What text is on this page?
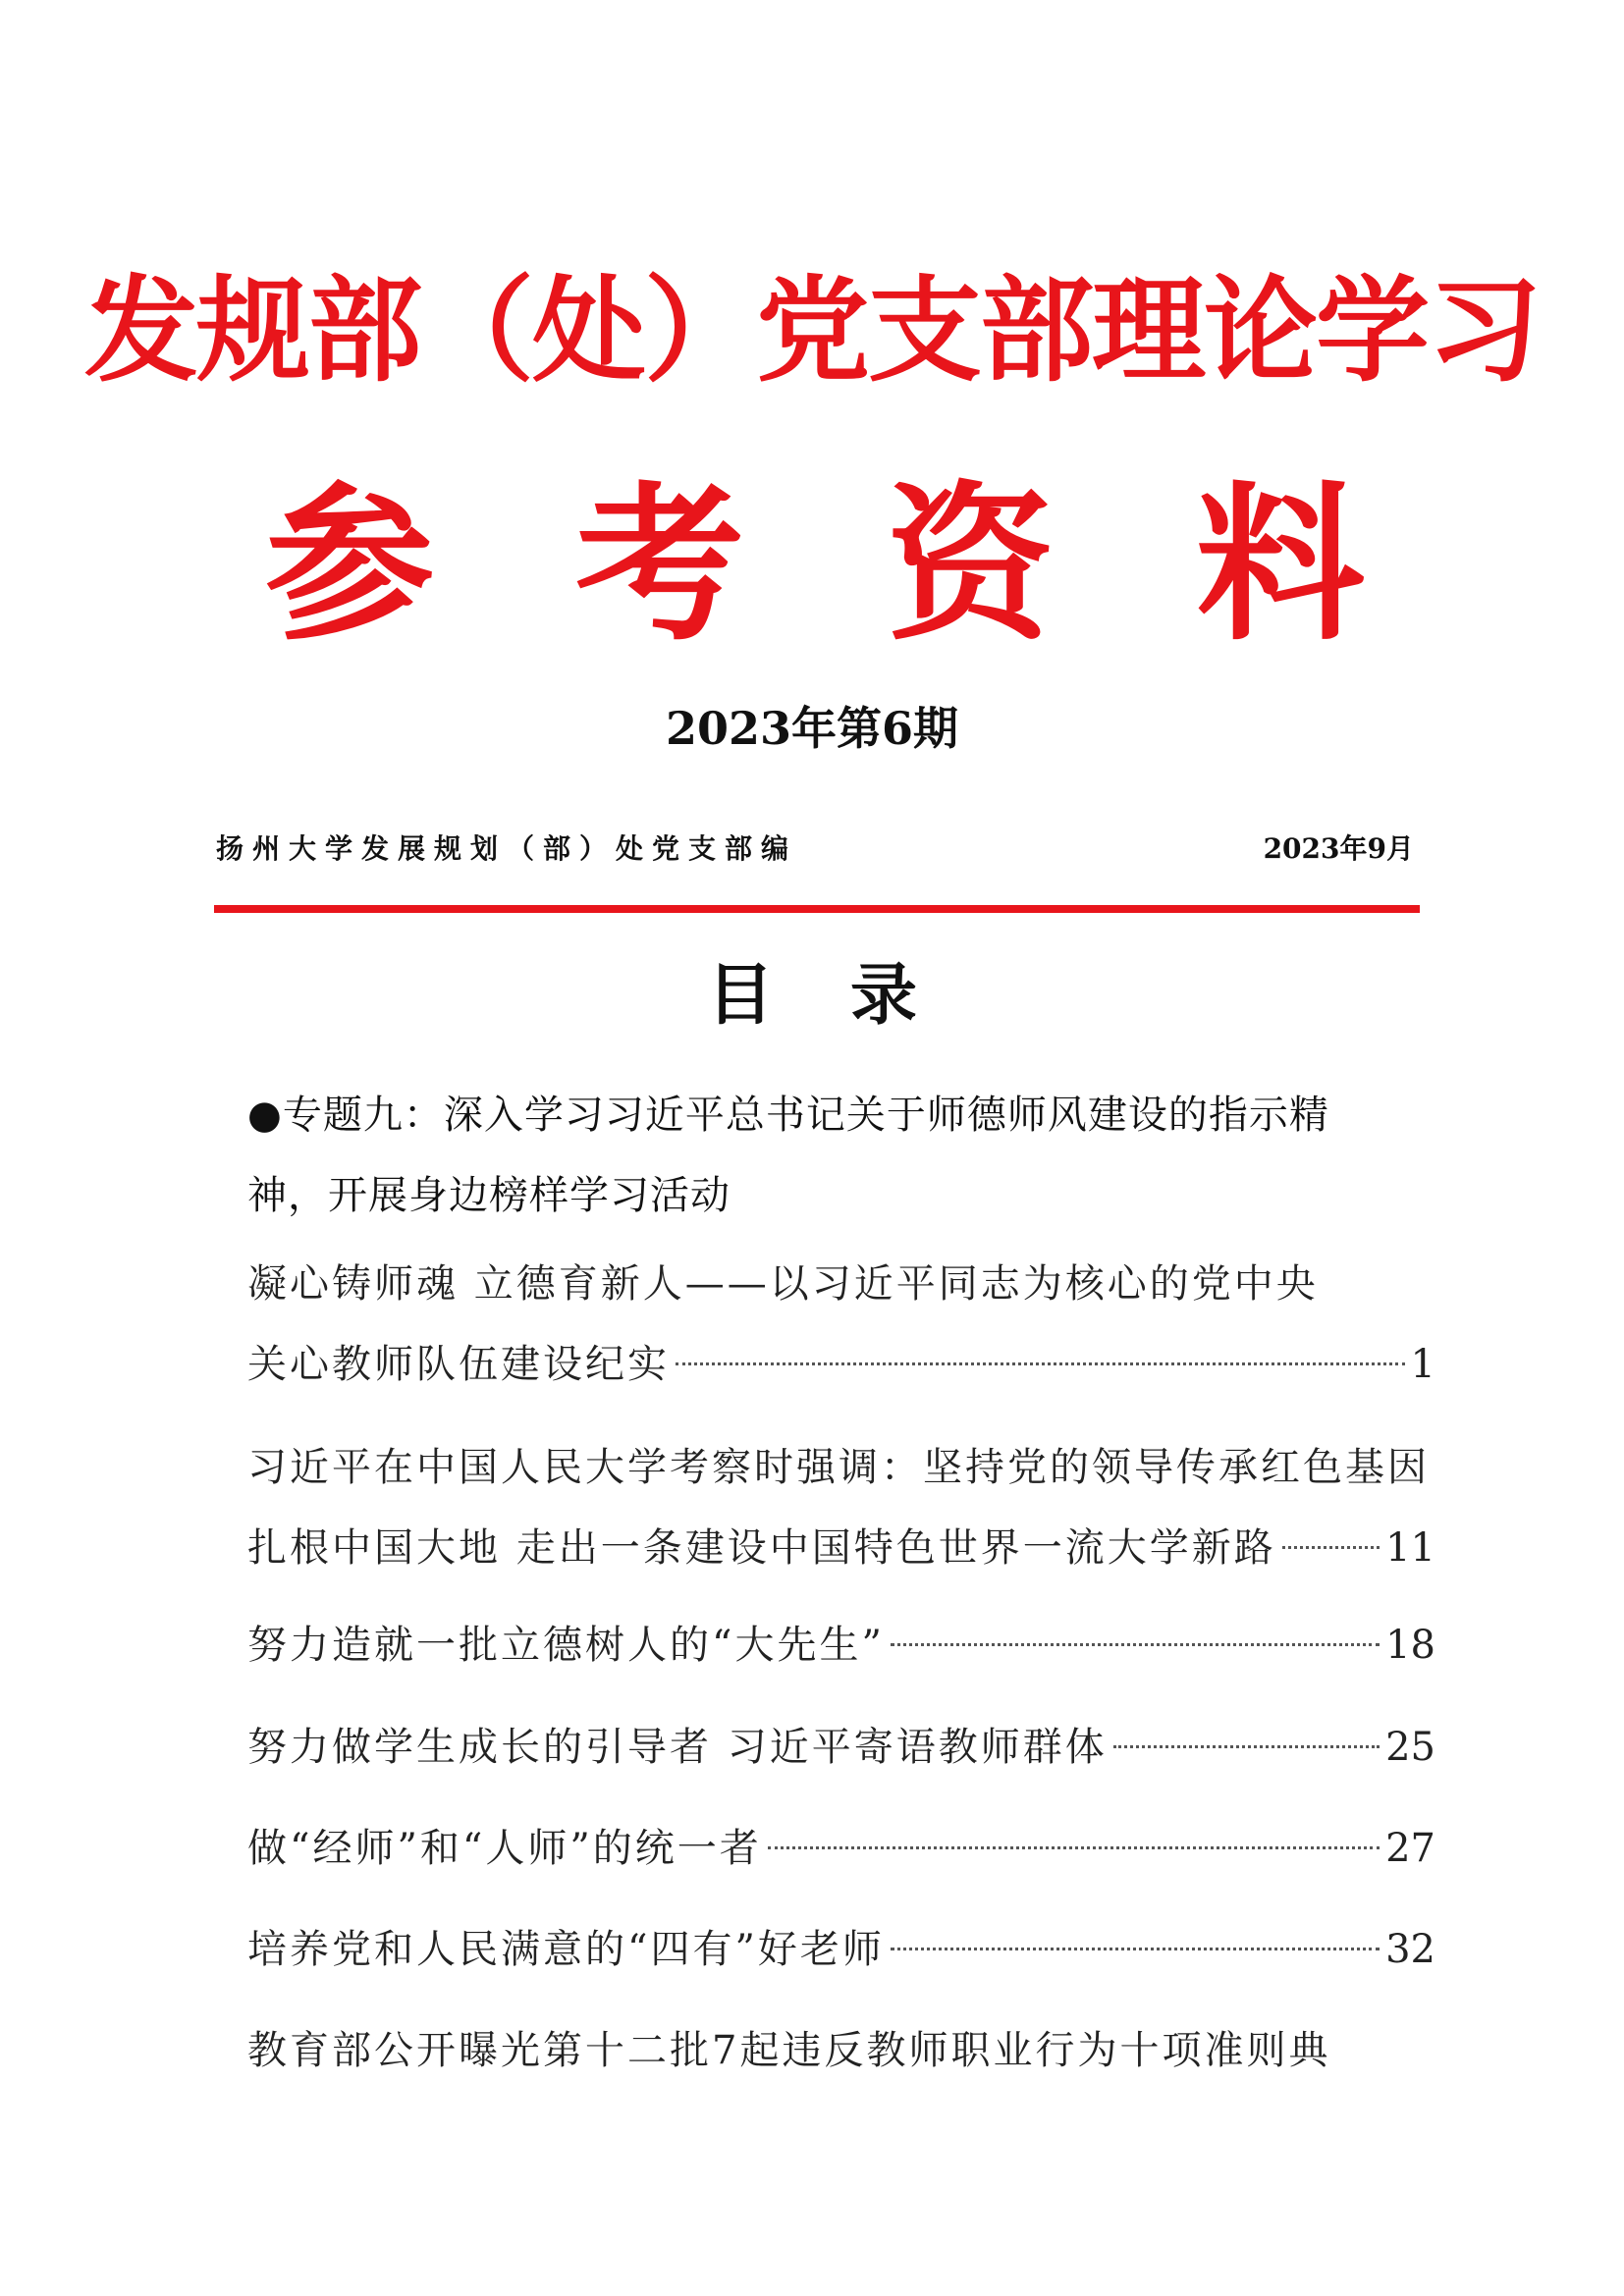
发规部（处）党支部理论学习
参 考 资 料
2023年第6期
扬州大学发展规划（部）处党支部编	2023年9月
目录
●专题九：深入学习习近平总书记关于师德师风建设的指示精神，开展身边榜样学习活动
凝心铸师魂 立德育新人——以习近平同志为核心的党中央
关心教师队伍建设纪实	1
习近平在中国人民大学考察时强调：坚持党的领导传承红色基因
扎根中国大地 走出一条建设中国特色世界一流大学新路	11
努力造就一批立德树人的“大先生”	18
努力做学生成长的引导者 习近平寄语教师群体	25
做“经师”和“人师”的统一者	27
培养党和人民满意的“四有”好老师	32
教育部公开曝光第十二批7起违反教师职业行为十项准则典
